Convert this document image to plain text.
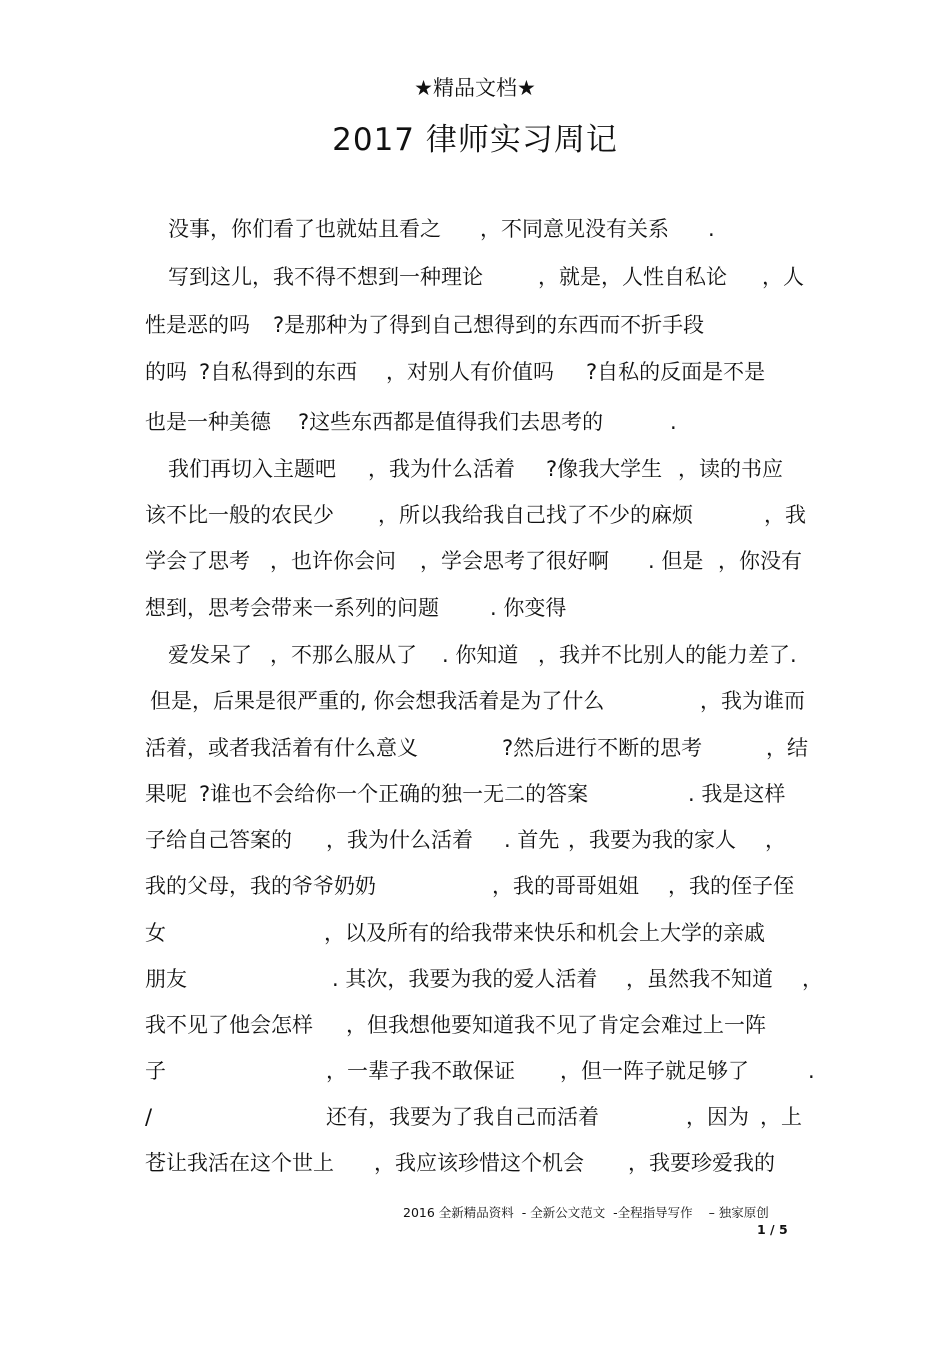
★精品文档★
2017 律师实习周记
没事，你们看了也就姑且看之 ，不同意见没有关系 .
写到这儿，我不得不想到一种理论	，就是，人性自私论 ，人
性是恶的吗 ?是那种为了得到自己想得到的东西而不折手段
的吗 ?自私得到的东西 ，对别人有价值吗 ?自私的反面是不是
也是一种美德 ?这些东西都是值得我们去思考的	.
我们再切入主题吧 ，我为什么活着 ?像我大学生 ，读的书应
该不比一般的农民少 ，所以我给我自己找了不少的麻烦	，我
学会了思考 ，也许你会问 ，学会思考了很好啊 . 但是 ，你没有
想到，思考会带来一系列的问题 . 你变得
爱发呆了 ，不那么服从了 . 你知道 ，我并不比别人的能力差了.
但是，后果是很严重的, 你会想我活着是为了什么	，我为谁而
活着，或者我活着有什么意义	?然后进行不断的思考	，结
果呢 ?谁也不会给你一个正确的独一无二的答案	. 我是这样
子给自己答案的 ，我为什么活着 . 首先 ，我要为我的家人 ，
我的父母，我的爷爷奶奶	，我的哥哥姐姐 ，我的侄子侄
女	，以及所有的给我带来快乐和机会上大学的亲戚
朋友	. 其次，我要为我的爱人活着 ，虽然我不知道 ，
我不见了他会怎样 ，但我想他要知道我不见了肯定会难过上一阵
子	，一辈子我不敢保证 ，但一阵子就足够了	.
/	还有，我要为了我自己而活着	，因为 ，上
苍让我活在这个世上 ，我应该珍惜这个机会 ，我要珍爱我的
2016 全新精品资料  - 全新公文范文  -全程指导写作    – 独家原创
1 / 5
